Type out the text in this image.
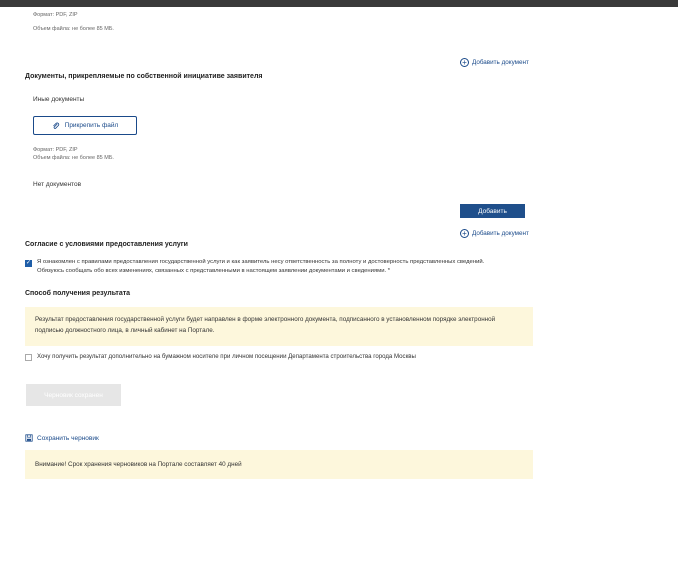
Формат: PDF, ZIP
Объем файла: не более 85 МБ.
+ Добавить документ
Документы, прикрепляемые по собственной инициативе заявителя
Иные документы
Прикрепить файл
Формат: PDF, ZIP
Объем файла: не более 85 МБ.
Нет документов
Добавить
+ Добавить документ
Согласие с условиями предоставления услуги
✓ Я ознакомлен с правилами предоставления государственной услуги и как заявитель несу ответственность за полноту и достоверность представленных сведений.
Обязуюсь сообщать обо всех изменениях, связанных с представленными в настоящем заявлении документами и сведениями. *
Способ получения результата
Результат предоставления государственной услуги будет направлен в форме электронного документа, подписанного в установленном порядке электронной
подписью должностного лица, в личный кабинет на Портале.
Хочу получить результат дополнительно на бумажном носителе при личном посещении Департамента строительства города Москвы
Черновик сохранен
Сохранить черновик
Внимание! Срок хранения черновиков на Портале составляет 40 дней
